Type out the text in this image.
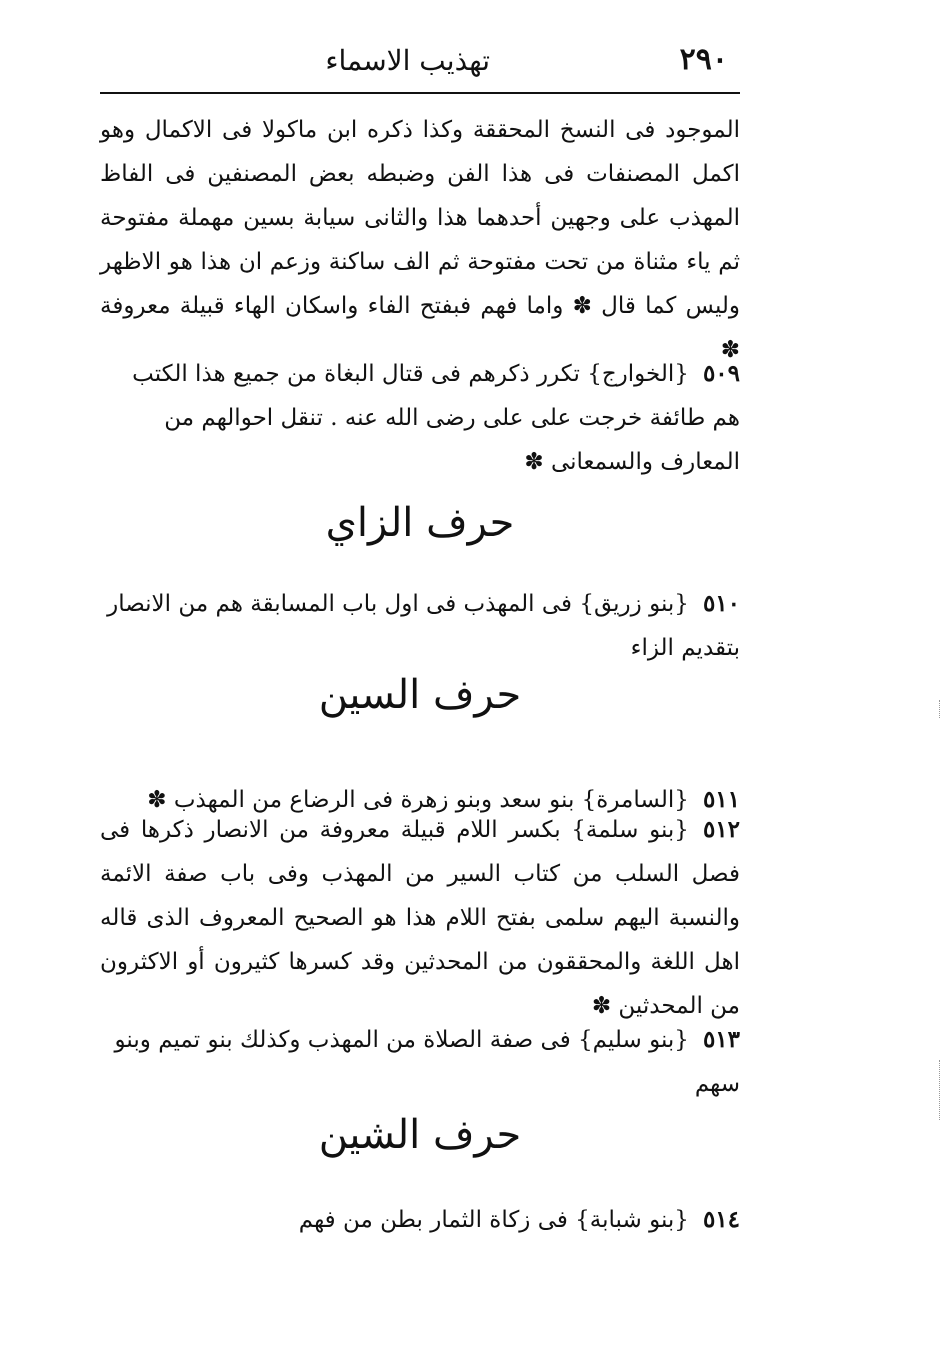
٢٩٠
تهذيب الاسماء
الموجود فى النسخ المحققة وكذا ذكره ابن ماكولا فى الاكمال وهو اكمل المصنفات فى هذا الفن وضبطه بعض المصنفين فى الفاظ المهذب على وجهين أحدهما هذا والثانى سيابة بسين مهملة مفتوحة ثم ياء مثناة من تحت مفتوحة ثم الف ساكنة وزعم ان هذا هو الاظهر وليس كما قال ✽ واما فهم فبفتح الفاء واسكان الهاء قبيلة معروفة ✽
٥٠٩{الخوارج} تكرر ذكرهم فى قتال البغاة من جميع هذا الكتب هم طائفة خرجت على على رضى الله عنه . تنقل احوالهم من المعارف والسمعانى ✽
حرف الزاي
٥١٠{بنو زريق} فى المهذب فى اول باب المسابقة هم من الانصار بتقديم الزاء
حرف السين
٥١١{السامرة} بنو سعد وبنو زهرة فى الرضاع من المهذب ✽
٥١٢{بنو سلمة} بكسر اللام قبيلة معروفة من الانصار ذكرها فى فصل السلب من كتاب السير من المهذب وفى باب صفة الائمة والنسبة اليهم سلمى بفتح اللام هذا هو الصحيح المعروف الذى قاله اهل اللغة والمحققون من المحدثين وقد كسرها كثيرون أو الاكثرون من المحدثين ✽
٥١٣{بنو سليم} فى صفة الصلاة من المهذب وكذلك بنو تميم وبنو سهم
حرف الشين
٥١٤{بنو شبابة} فى زكاة الثمار بطن من فهم
